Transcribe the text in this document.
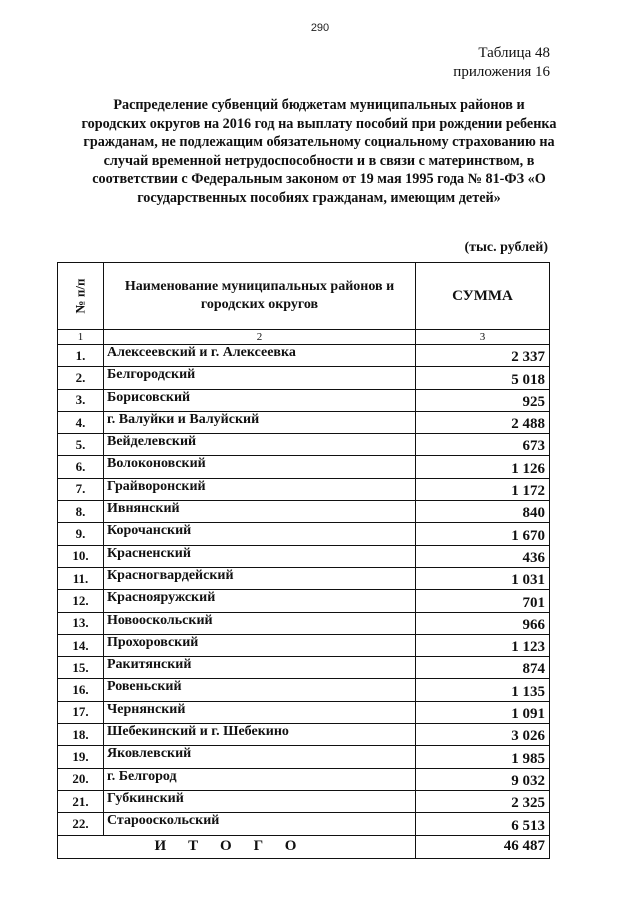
290
Таблица 48
приложения 16
Распределение субвенций бюджетам муниципальных районов и городских округов на 2016 год на выплату пособий при рождении ребенка гражданам, не подлежащим обязательному социальному страхованию на случай временной нетрудоспособности и в связи с материнством, в соответствии с Федеральным законом от 19 мая 1995 года № 81-ФЗ «О государственных пособиях гражданам, имеющим детей»
(тыс. рублей)
№ п/п	Наименование муниципальных районов и городских округов	СУММА
1	2	3
1.	Алексеевский и г. Алексеевка	2 337
2.	Белгородский	5 018
3.	Борисовский	925
4.	г. Валуйки и Валуйский	2 488
5.	Вейделевский	673
6.	Волоконовский	1 126
7.	Грайворонский	1 172
8.	Ивнянский	840
9.	Корочанский	1 670
10.	Красненский	436
11.	Красногвардейский	1 031
12.	Краснояружский	701
13.	Новооскольский	966
14.	Прохоровский	1 123
15.	Ракитянский	874
16.	Ровеньский	1 135
17.	Чернянский	1 091
18.	Шебекинский и г. Шебекино	3 026
19.	Яковлевский	1 985
20.	г. Белгород	9 032
21.	Губкинский	2 325
22.	Старооскольский	6 513
ИТОГО		46 487
